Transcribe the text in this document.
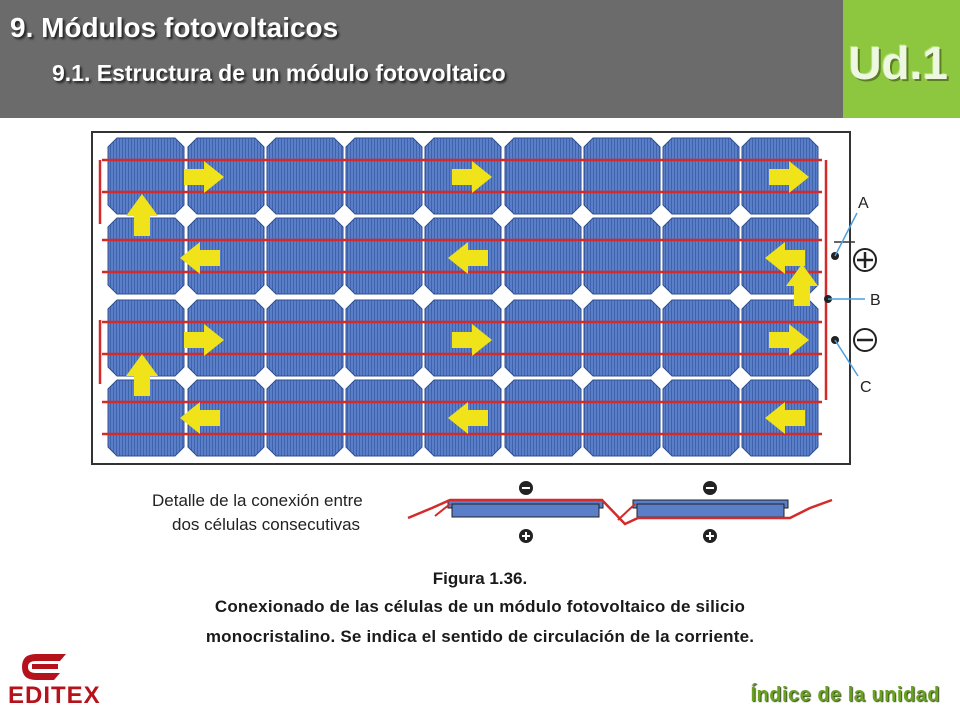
9. Módulos fotovoltaicos
9.1. Estructura de un módulo fotovoltaico	Ud.1
A
B
C
Detalle de la conexión entre
dos células consecutivas
Figura 1.36.
Conexionado de las células de un módulo fotovoltaico de silicio
monocristalino. Se indica el sentido de circulación de la corriente.
EDITEX	Índice de la unidad
